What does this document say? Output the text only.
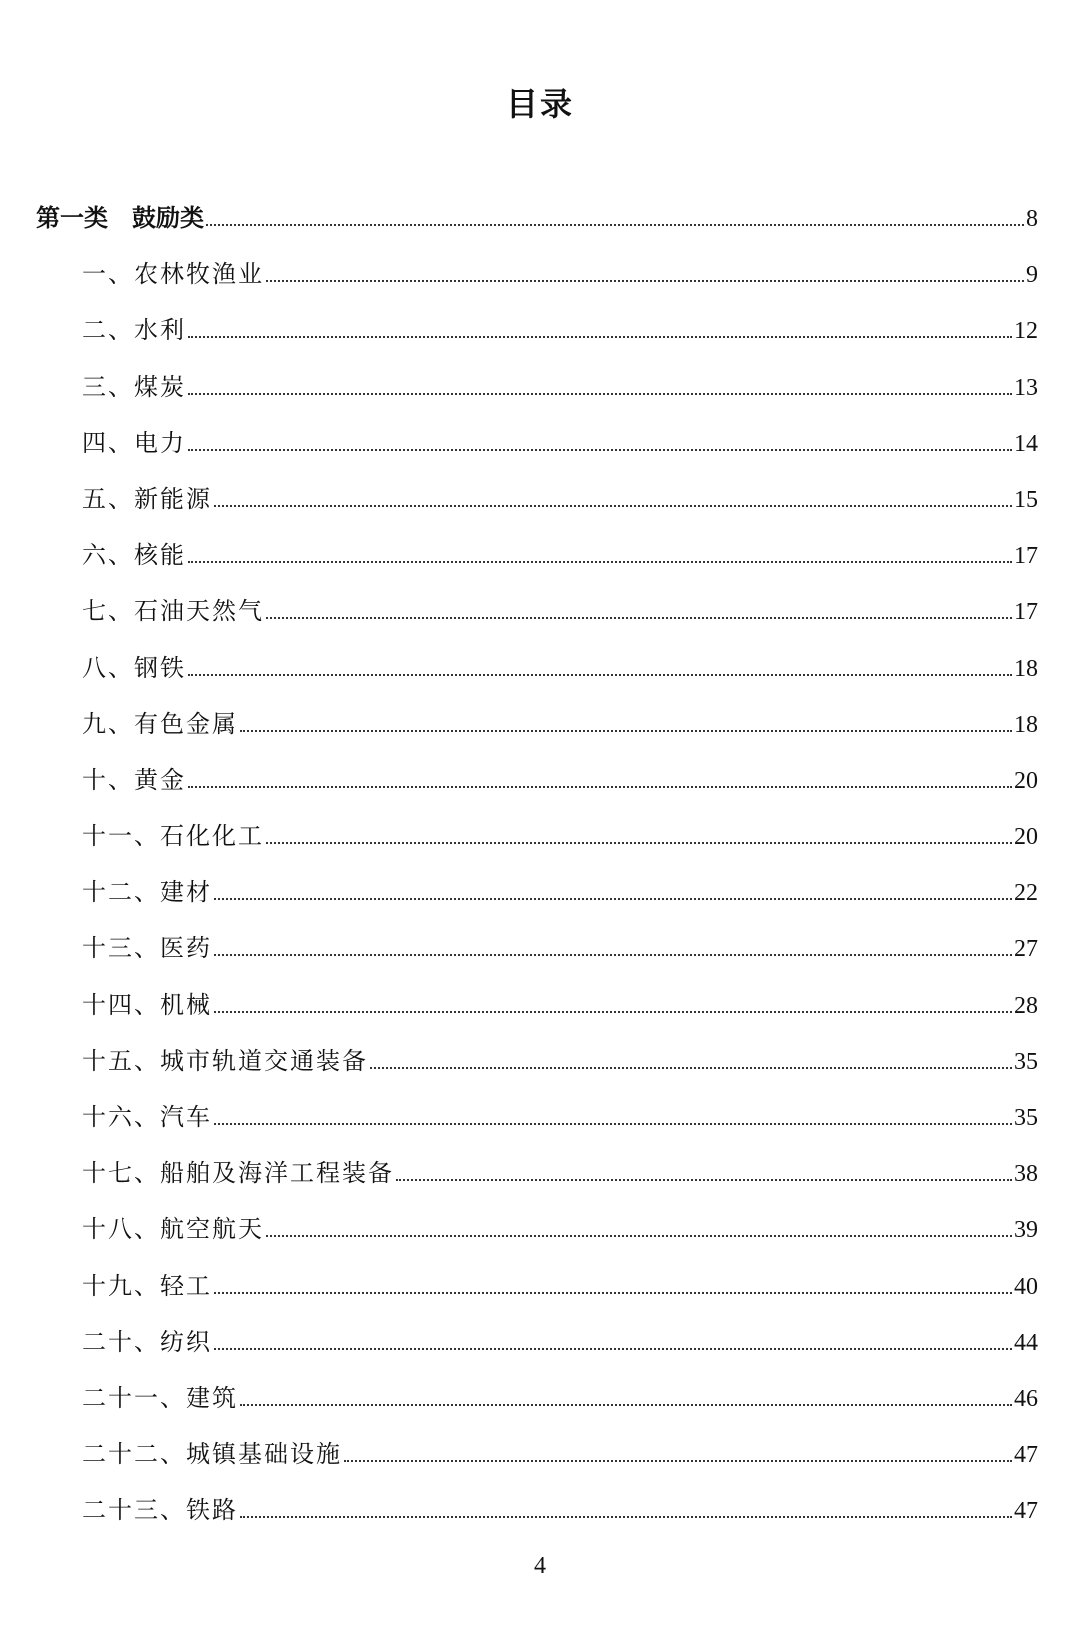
目录
第一类　鼓励类	8
一、农林牧渔业	9
二、水利	12
三、煤炭	13
四、电力	14
五、新能源	15
六、核能	17
七、石油天然气	17
八、钢铁	18
九、有色金属	18
十、黄金	20
十一、石化化工	20
十二、建材	22
十三、医药	27
十四、机械	28
十五、城市轨道交通装备	35
十六、汽车	35
十七、船舶及海洋工程装备	38
十八、航空航天	39
十九、轻工	40
二十、纺织	44
二十一、建筑	46
二十二、城镇基础设施	47
二十三、铁路	47
4
